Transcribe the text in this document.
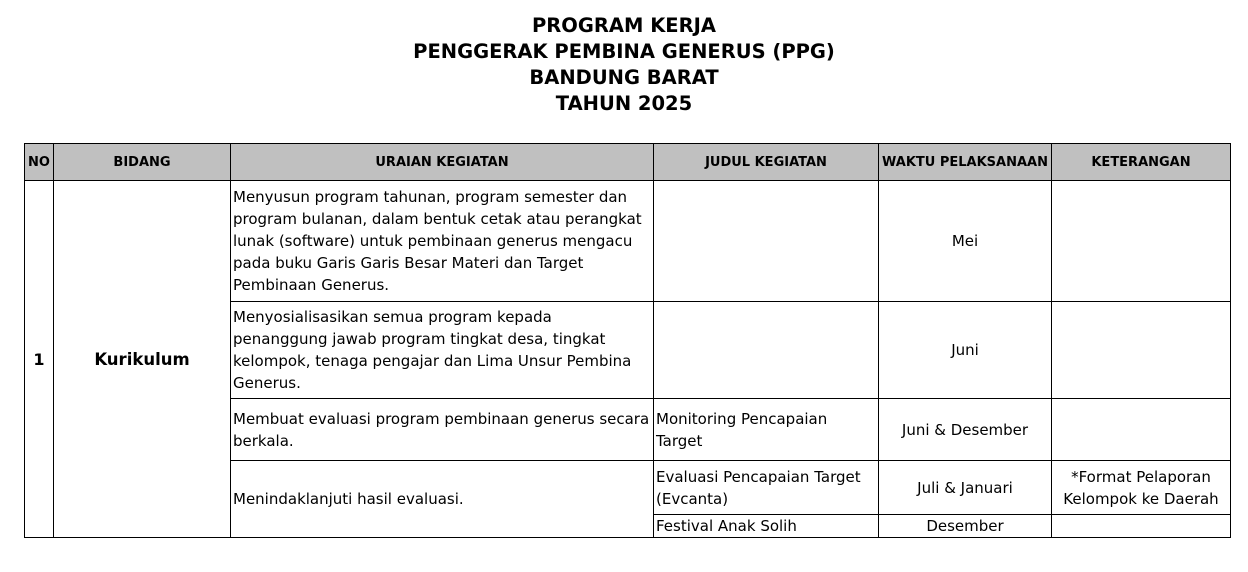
PROGRAM KERJA
PENGGERAK PEMBINA GENERUS (PPG)
BANDUNG BARAT
TAHUN 2025
NO	BIDANG	URAIAN KEGIATAN	JUDUL KEGIATAN	WAKTU PELAKSANAAN	KETERANGAN
1	Kurikulum	Menyusun program tahunan, program semester dan program bulanan, dalam bentuk cetak atau perangkat lunak (software) untuk pembinaan generus mengacu pada buku Garis Garis Besar Materi dan Target Pembinaan Generus.		Mei	
		Menyosialisasikan semua program kepada penanggung jawab program tingkat desa, tingkat kelompok, tenaga pengajar dan Lima Unsur Pembina Generus.		Juni	
		Membuat evaluasi program pembinaan generus secara berkala.	Monitoring Pencapaian Target	Juni & Desember	
		Menindaklanjuti hasil evaluasi.	Evaluasi Pencapaian Target (Evcanta)	Juli & Januari	*Format Pelaporan Kelompok ke Daerah
			Festival Anak Solih	Desember	
